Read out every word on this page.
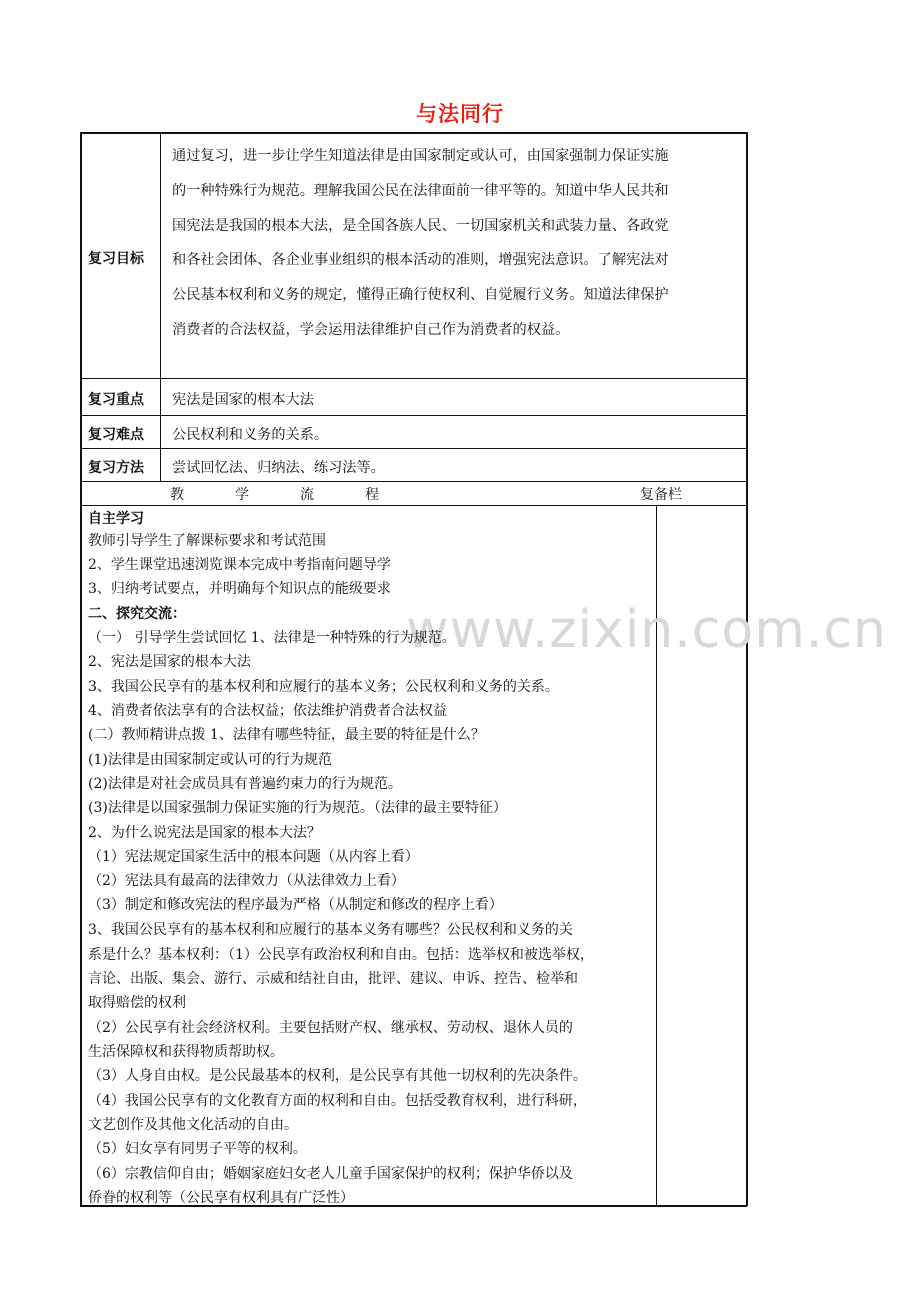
与法同行
复习目标
通过复习，进一步让学生知道法律是由国家制定或认可，由国家强制力保证实施
的一种特殊行为规范。理解我国公民在法律面前一律平等的。知道中华人民共和
国宪法是我国的根本大法，是全国各族人民、一切国家机关和武装力量、各政党
和各社会团体、各企业事业组织的根本活动的准则，增强宪法意识。了解宪法对
公民基本权利和义务的规定，懂得正确行使权利、自觉履行义务。知道法律保护
消费者的合法权益，学会运用法律维护自己作为消费者的权益。
复习重点 宪法是国家的根本大法
复习难点 公民权利和义务的关系。
复习方法 尝试回忆法、归纳法、练习法等。
教	学	流	程	复备栏
www.zixin.com.cn
自主学习
教师引导学生了解课标要求和考试范围
2、学生课堂迅速浏览课本完成中考指南问题导学
3、归纳考试要点，并明确每个知识点的能级要求
二、探究交流：
（一） 引导学生尝试回忆 1、法律是一种特殊的行为规范。
2、宪法是国家的根本大法
3、我国公民享有的基本权利和应履行的基本义务；公民权利和义务的关系。
4、消费者依法享有的合法权益；依法维护消费者合法权益
(二）教师精讲点拨 1、法律有哪些特征，最主要的特征是什么？
(1)法律是由国家制定或认可的行为规范
(2)法律是对社会成员具有普遍约束力的行为规范。
(3)法律是以国家强制力保证实施的行为规范。（法律的最主要特征）
2、为什么说宪法是国家的根本大法？
（1）宪法规定国家生活中的根本问题（从内容上看）
（2）宪法具有最高的法律效力（从法律效力上看）
（3）制定和修改宪法的程序最为严格（从制定和修改的程序上看）
3、我国公民享有的基本权利和应履行的基本义务有哪些？公民权利和义务的关
系是什么？基本权利：（1）公民享有政治权利和自由。包括：选举权和被选举权，
言论、出版、集会、游行、示威和结社自由，批评、建议、申诉、控告、检举和
取得赔偿的权利
（2）公民享有社会经济权利。主要包括财产权、继承权、劳动权、退休人员的
生活保障权和获得物质帮助权。
（3）人身自由权。是公民最基本的权利，是公民享有其他一切权利的先决条件。
（4）我国公民享有的文化教育方面的权利和自由。包括受教育权利，进行科研，
文艺创作及其他文化活动的自由。
（5）妇女享有同男子平等的权利。
（6）宗教信仰自由；婚姻家庭妇女老人儿童手国家保护的权利；保护华侨以及
侨眷的权利等（公民享有权利具有广泛性）
